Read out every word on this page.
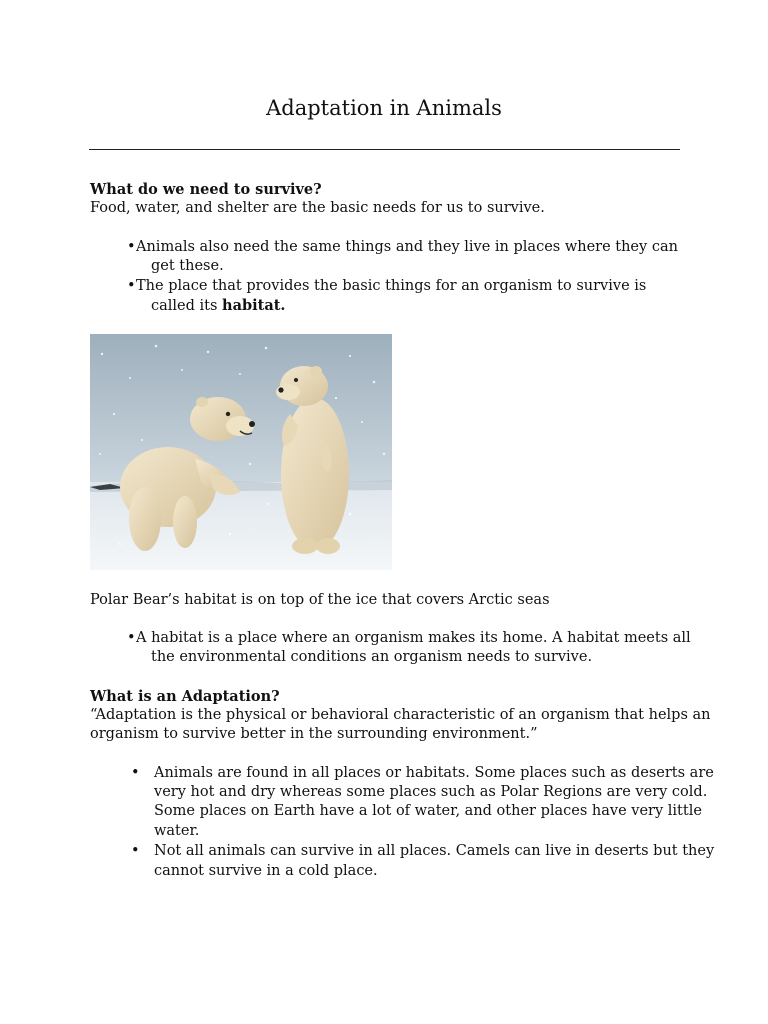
Adaptation in Animals
What do we need to survive?
Food, water, and shelter are the basic needs for us to survive.
• Animals also need the same things and they live in places where they can
get these.
• The place that provides the basic things for an organism to survive is
called its habitat.
Polar Bear’s habitat is on top of the ice that covers Arctic seas
• A habitat is a place where an organism makes its home. A habitat meets all
the environmental conditions an organism needs to survive.
What is an Adaptation?
“Adaptation is the physical or behavioral characteristic of an organism that helps an
organism to survive better in the surrounding environment.”
• Animals are found in all places or habitats. Some places such as deserts are
very hot and dry whereas some places such as Polar Regions are very cold.
Some places on Earth have a lot of water, and other places have very little
water.
• Not all animals can survive in all places. Camels can live in deserts but they
cannot survive in a cold place.
